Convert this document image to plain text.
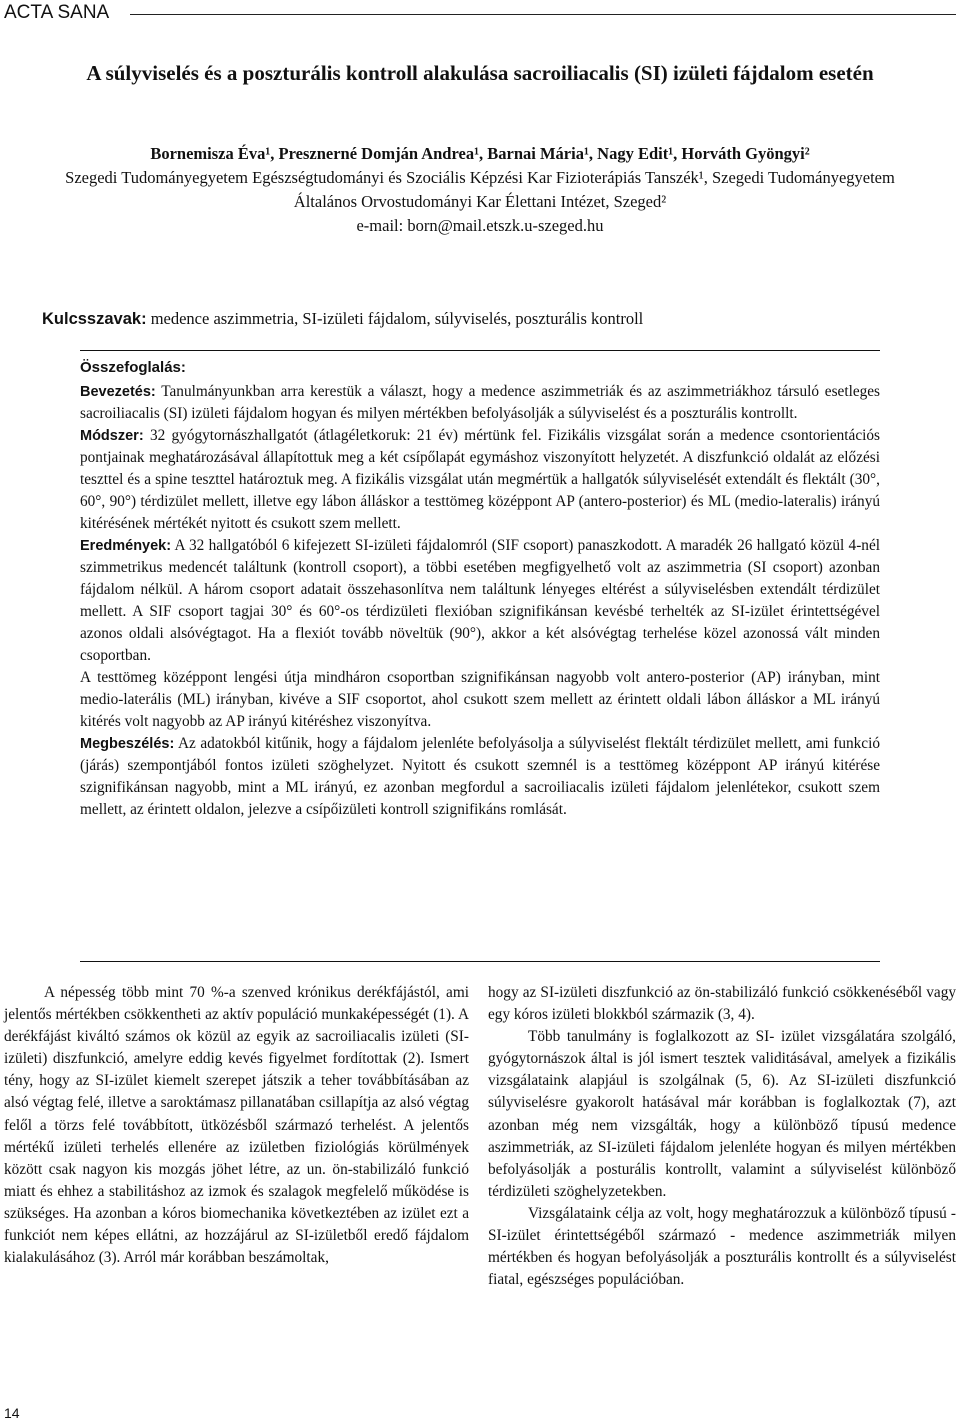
ACTA SANA
A súlyviselés és a poszturális kontroll alakulása sacroiliacalis (SI) izületi fájdalom esetén
Bornemisza Éva¹, Presznerné Domján Andrea¹, Barnai Mária¹, Nagy Edit¹, Horváth Gyöngyi²
Szegedi Tudományegyetem Egészségtudományi és Szociális Képzési Kar Fizioterápiás Tanszék¹, Szegedi Tudományegyetem Általános Orvostudományi Kar Élettani Intézet, Szeged²
e-mail: born@mail.etszk.u-szeged.hu
Kulcsszavak: medence aszimmetria, SI-izületi fájdalom, súlyviselés, poszturális kontroll
Összefoglalás:

Bevezetés: Tanulmányunkban arra kerestük a választ, hogy a medence aszimmetriák és az aszimmetriákhoz társuló esetleges sacroiliacalis (SI) izületi fájdalom hogyan és milyen mértékben befolyásolják a súlyviselést és a poszturális kontrollt.

Módszer: 32 gyógytornászhallgatót (átlagéletkoruk: 21 év) mértünk fel. Fizikális vizsgálat során a medence csontorientációs pontjainak meghatározásával állapítottuk meg a két csípőlapát egymáshoz viszonyított helyzetét. A diszfunkció oldalát az előzési teszttel és a spine teszttel határoztuk meg. A fizikális vizsgálat után megmértük a hallgatók súlyviselését extendált és flektált (30°, 60°, 90°) térdizület mellett, illetve egy lábon álláskor a testtömeg középpont AP (antero-posterior) és ML (medio-lateralis) irányú kitérésének mértékét nyitott és csukott szem mellett.

Eredmények: A 32 hallgatóból 6 kifejezett SI-izületi fájdalomról (SIF csoport) panaszkodott. A maradék 26 hallgató közül 4-nél szimmetrikus medencét találtunk (kontroll csoport), a többi esetében megfigyelhető volt az aszimmetria (SI csoport) azonban fájdalom nélkül. A három csoport adatait összehasonlítva nem találtunk lényeges eltérést a súlyviselésben extendált térdizület mellett. A SIF csoport tagjai 30° és 60°-os térdizületi flexióban szignifikánsan kevésbé terhelték az SI-izület érintettségével azonos oldali alsóvégtagot. Ha a flexiót tovább növeltük (90°), akkor a két alsóvégtag terhelése közel azonossá vált minden csoportban.

A testtömeg középpont lengési útja mindháron csoportban szignifikánsan nagyobb volt antero-posterior (AP) irányban, mint medio-laterális (ML) irányban, kivéve a SIF csoportot, ahol csukott szem mellett az érintett oldali lábon álláskor a ML irányú kitérés volt nagyobb az AP irányú kitéréshez viszonyítva.

Megbeszélés: Az adatokból kitűnik, hogy a fájdalom jelenléte befolyásolja a súlyviselést flektált térdizület mellett, ami funkció (járás) szempontjából fontos izületi szöghelyzet. Nyitott és csukott szemnél is a testtömeg középpont AP irányú kitérése szignifikánsan nagyobb, mint a ML irányú, ez azonban megfordul a sacroiliacalis izületi fájdalom jelenlétekor, csukott szem mellett, az érintett oldalon, jelezve a csípőizületi kontroll szignifikáns romlását.

A népesség több mint 70 %-a szenved krónikus derékfájástól, ami jelentős mértékben csökkentheti az aktív populáció munkaképességét (1). A derékfájást kiváltó számos ok közül az egyik az sacroiliacalis izületi (SI-izületi) diszfunkció, amelyre eddig kevés figyelmet fordítottak (2). Ismert tény, hogy az SI-izület kiemelt szerepet játszik a teher továbbításában az alsó végtag felé, illetve a saroktámasz pillanatában csillapítja az alsó végtag felől a törzs felé továbbított, ütközésből származó terhelést. A jelentős mértékű izületi terhelés ellenére az izületben fiziológiás körülmények között csak nagyon kis mozgás jöhet létre, az un. ön-stabilizáló funkció miatt és ehhez a stabilitáshoz az izmok és szalagok megfelelő működése is szükséges. Ha azonban a kóros biomechanika következtében az izület ezt a funkciót nem képes ellátni, az hozzájárul az SI-izületből eredő fájdalom kialakulásához (3). Arról már korábban beszámoltak,

hogy az SI-izületi diszfunkció az ön-stabilizáló funkció csökkenéséből vagy egy kóros izületi blokkból származik (3, 4).

Több tanulmány is foglalkozott az SI- izület vizsgálatára szolgáló, gyógytornászok által is jól ismert tesztek validitásával, amelyek a fizikális vizsgálataink alapjául is szolgálnak (5, 6). Az SI-izületi diszfunkció súlyviselésre gyakorolt hatásával már korábban is foglalkoztak (7), azt azonban még nem vizsgálták, hogy a különböző típusú medence aszimmetriák, az SI-izületi fájdalom jelenléte hogyan és milyen mértékben befolyásolják a posturális kontrollt, valamint a súlyviselést különböző térdizületi szöghelyzetekben.

Vizsgálataink célja az volt, hogy meghatározzuk a különböző típusú - SI-izület érintettségéből származó - medence aszimmetriák milyen mértékben és hogyan befolyásolják a poszturális kontrollt és a súlyviselést fiatal, egészséges populációban.

14
